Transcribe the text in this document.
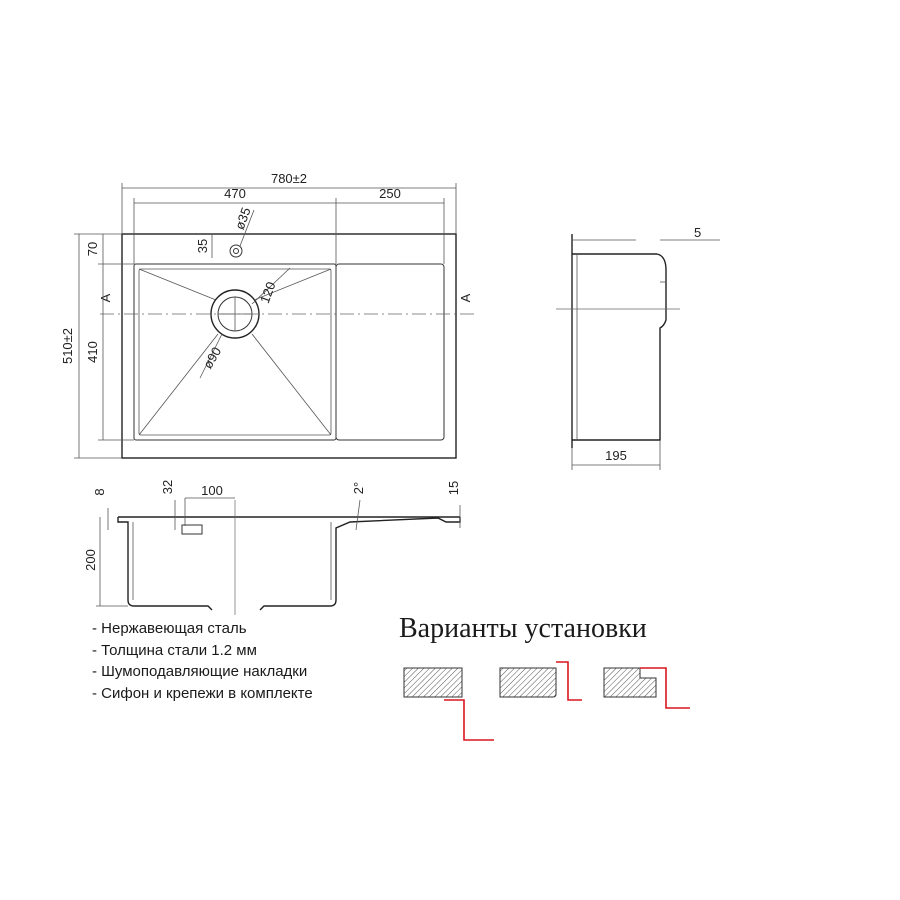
A	A
780±2
470	250
510±2
70
410
35
ø35
120
ø90
5
195
8	32 100	2°	15
200
Варианты установки
- Нержавеющая сталь
- Толщина стали 1.2 мм
- Шумоподавляющие накладки
- Сифон и крепежи в комплекте
